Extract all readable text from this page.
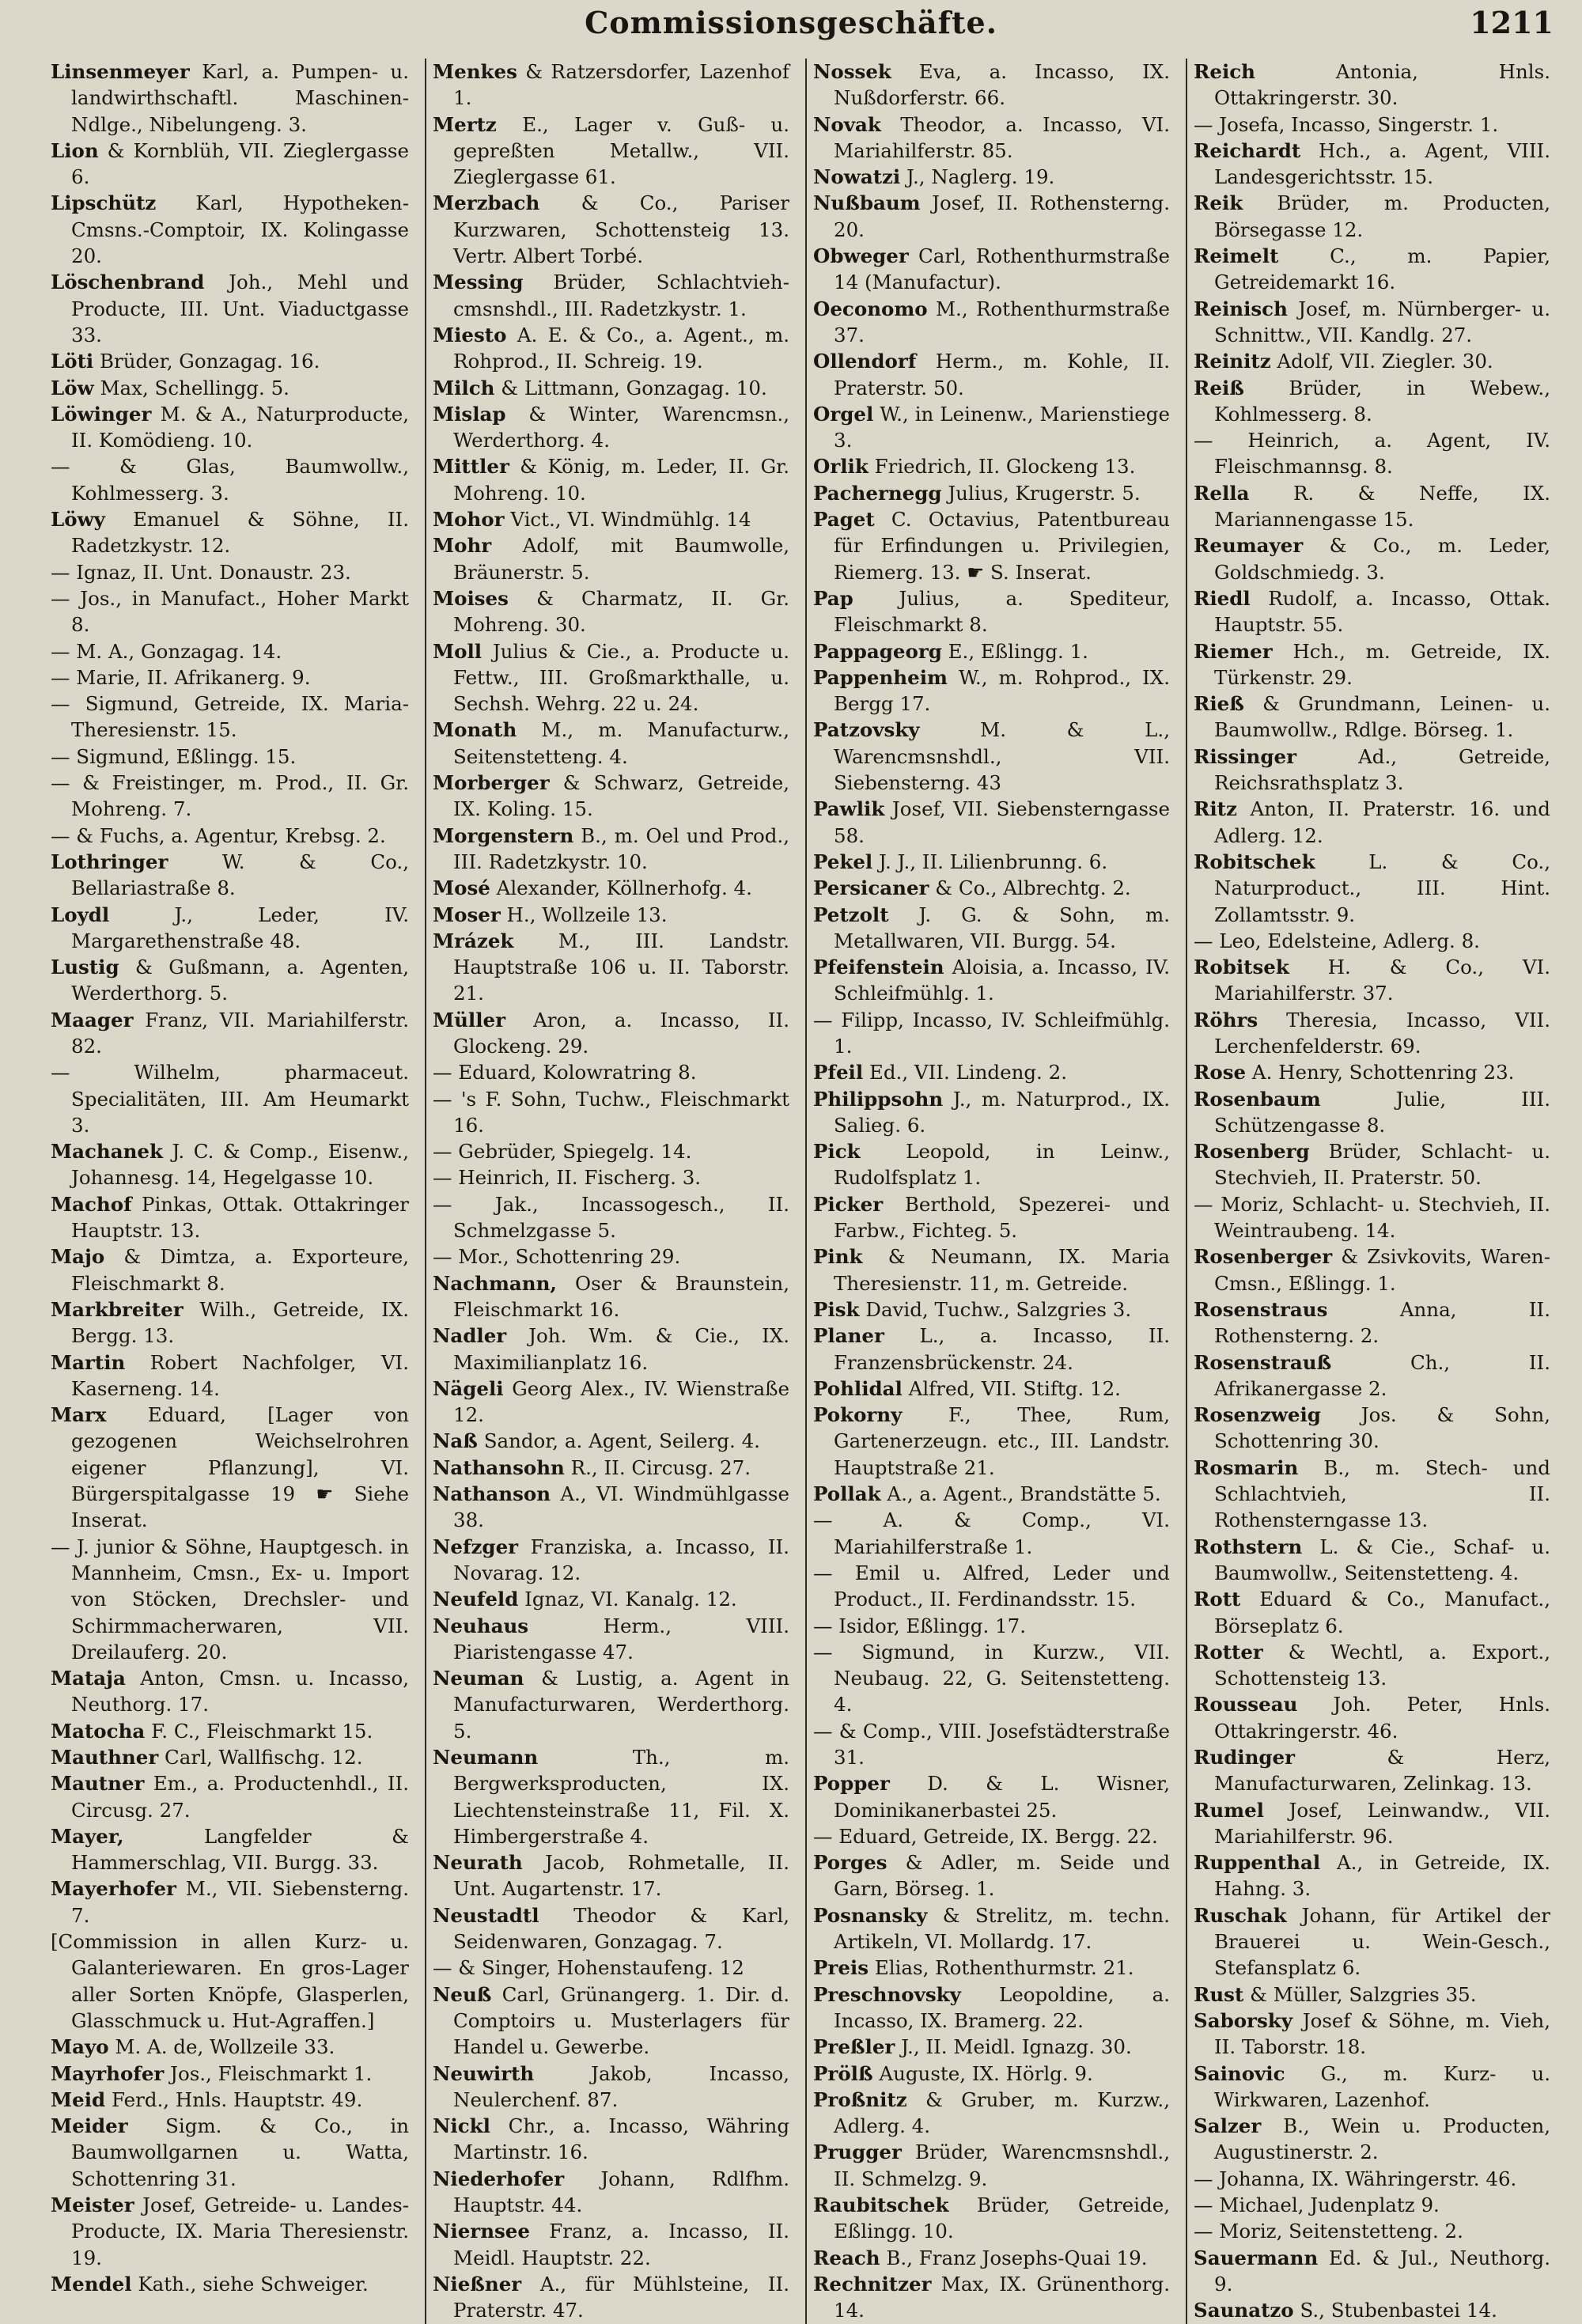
Commissionsgeschäfte.	1211
Linsenmeyer Karl, a. Pumpen- u. landwirthschaftl. Maschinen-Ndlge., Nibelungeng. 3.
Lion & Kornblüh, VII. Zieglergasse 6.
Lipschütz Karl, Hypotheken-Cmsns.-Comptoir, IX. Kolingasse 20.
Löschenbrand Joh., Mehl und Producte, III. Unt. Viaductgasse 33.
Löti Brüder, Gonzagag. 16.
Löw Max, Schellingg. 5.
Löwinger M. & A., Naturproducte, II. Komödieng. 10.
— & Glas, Baumwollw., Kohlmesserg. 3.
Löwy Emanuel & Söhne, II. Radetzkystr. 12.
— Ignaz, II. Unt. Donaustr. 23.
— Jos., in Manufact., Hoher Markt 8.
— M. A., Gonzagag. 14.
— Marie, II. Afrikanerg. 9.
— Sigmund, Getreide, IX. Maria-Theresienstr. 15.
— Sigmund, Eßlingg. 15.
— & Freistinger, m. Prod., II. Gr. Mohreng. 7.
— & Fuchs, a. Agentur, Krebsg. 2.
Lothringer	W. & Co., Bellariastraße 8.
Loydl	J., Leder, IV. Margarethenstraße 48.
Lustig & Gußmann, a. Agenten, Werderthorg. 5.
Maager Franz, VII. Mariahilferstr. 82.
— Wilhelm, pharmaceut. Specialitäten, III. Am Heumarkt 3.
Machanek J. C. & Comp., Eisenw., Johannesg. 14, Hegelgasse 10.
Machof Pinkas, Ottak. Ottakringer Hauptstr. 13.
Majo & Dimtza, a. Exporteure, Fleischmarkt 8.
Markbreiter Wilh., Getreide, IX. Bergg. 13.
Martin Robert Nachfolger, VI. Kaserneng. 14.
Marx Eduard, [Lager von gezogenen Weichselrohren eigener Pflanzung], VI. Bürgerspitalgasse 19 ☛ Siehe Inserat.
— J. junior & Söhne, Hauptgesch. in Mannheim, Cmsn., Ex- u. Import von Stöcken, Drechsler- und Schirmmacherwaren, VII. Dreilauferg. 20.
Mataja Anton, Cmsn. u. Incasso, Neuthorg. 17.
Matocha F. C., Fleischmarkt 15.
Mauthner Carl, Wallfischg. 12.
Mautner Em., a. Productenhdl., II. Circusg. 27.
Mayer,	Langfelder & Hammerschlag, VII. Burgg. 33.
Mayerhofer M., VII. Siebensterng. 7.
[Commission in allen Kurz- u. Galanteriewaren. En gros-Lager aller Sorten Knöpfe, Glasperlen, Glasschmuck u. Hut-Agraffen.]
Mayo M. A. de, Wollzeile 33.
Mayrhofer Jos., Fleischmarkt 1.
Meid Ferd., Hnls. Hauptstr. 49.
Meider Sigm. & Co., in Baumwollgarnen u. Watta, Schottenring 31.
Meister Josef, Getreide- u. Landes-Producte, IX. Maria Theresienstr. 19.
Mendel Kath., siehe Schweiger.
Menkes & Ratzersdorfer, Lazenhof 1.
Mertz E., Lager v. Guß- u. gepreßten Metallw., VII. Zieglergasse 61.
Merzbach & Co., Pariser Kurzwaren, Schottensteig 13. Vertr. Albert Torbé.
Messing Brüder, Schlachtvieh-cmsnshdl., III. Radetzkystr. 1.
Miesto A. E. & Co., a. Agent., m. Rohprod., II. Schreig. 19.
Milch & Littmann, Gonzagag. 10.
Mislap & Winter, Warencmsn., Werderthorg. 4.
Mittler & König, m. Leder, II. Gr. Mohreng. 10.
Mohor Vict., VI. Windmühlg. 14
Mohr Adolf, mit Baumwolle, Bräunerstr. 5.
Moises & Charmatz, II. Gr. Mohreng. 30.
Moll Julius & Cie., a. Producte u. Fettw., III. Großmarkthalle, u. Sechsh. Wehrg. 22 u. 24.
Monath M., m. Manufacturw., Seitenstetteng. 4.
Morberger & Schwarz, Getreide, IX. Koling. 15.
Morgenstern B., m. Oel und Prod., III. Radetzkystr. 10.
Mosé Alexander, Köllnerhofg. 4.
Moser H., Wollzeile 13.
Mrázek M., III. Landstr. Hauptstraße 106 u. II. Taborstr. 21.
Müller Aron, a. Incasso, II. Glockeng. 29.
— Eduard, Kolowratring 8.
— 's F. Sohn, Tuchw., Fleischmarkt 16.
— Gebrüder, Spiegelg. 14.
— Heinrich, II. Fischerg. 3.
— Jak., Incassogesch., II. Schmelzgasse 5.
— Mor., Schottenring 29.
Nachmann, Oser & Braunstein, Fleischmarkt 16.
Nadler Joh. Wm. & Cie., IX. Maximilianplatz 16.
Nägeli Georg Alex., IV. Wienstraße 12.
Naß Sandor, a. Agent, Seilerg. 4.
Nathansohn R., II. Circusg. 27.
Nathanson A., VI. Windmühlgasse 38.
Nefzger Franziska, a. Incasso, II. Novarag. 12.
Neufeld Ignaz, VI. Kanalg. 12.
Neuhaus	Herm., VIII. Piaristengasse 47.
Neuman & Lustig, a. Agent in Manufacturwaren, Werderthorg. 5.
Neumann	Th., m. Bergwerksproducten, IX. Liechtensteinstraße 11, Fil. X. Himbergerstraße 4.
Neurath Jacob, Rohmetalle, II. Unt. Augartenstr. 17.
Neustadtl Theodor & Karl, Seidenwaren, Gonzagag. 7.
— & Singer, Hohenstaufeng. 12
Neuß Carl, Grünangerg. 1. Dir. d. Comptoirs u. Musterlagers für Handel u. Gewerbe.
Neuwirth	Jakob, Incasso, Neulerchenf. 87.
Nickl Chr., a. Incasso, Währing Martinstr. 16.
Niederhofer Johann, Rdlfhm. Hauptstr. 44.
Niernsee Franz, a. Incasso, II. Meidl. Hauptstr. 22.
Nießner A., für Mühlsteine, II. Praterstr. 47.
Nossek Eva, a. Incasso, IX. Nußdorferstr. 66.
Novak Theodor, a. Incasso, VI. Mariahilferstr. 85.
Nowatzi J., Naglerg. 19.
Nußbaum Josef, II. Rothensterng. 20.
Obweger Carl, Rothenthurmstraße 14 (Manufactur).
Oeconomo M., Rothenthurmstraße 37.
Ollendorf Herm., m. Kohle, II. Praterstr. 50.
Orgel W., in Leinenw., Marienstiege 3.
Orlik Friedrich, II. Glockeng 13.
Pachernegg Julius, Krugerstr. 5.
Paget C. Octavius, Patentbureau für Erfindungen u. Privilegien, Riemerg. 13. ☛ S. Inserat.
Pap Julius, a. Spediteur, Fleischmarkt 8.
Pappageorg E., Eßlingg. 1.
Pappenheim W., m. Rohprod., IX. Bergg 17.
Patzovsky	M. & L., Warencmsnshdl., VII. Siebensterng. 43
Pawlik Josef, VII. Siebensterngasse 58.
Pekel J. J., II. Lilienbrunng. 6.
Persicaner & Co., Albrechtg. 2.
Petzolt J. G. & Sohn, m. Metallwaren, VII. Burgg. 54.
Pfeifenstein Aloisia, a. Incasso, IV. Schleifmühlg. 1.
— Filipp, Incasso, IV. Schleifmühlg. 1.
Pfeil Ed., VII. Lindeng. 2.
Philippsohn J., m. Naturprod., IX. Salieg. 6.
Pick Leopold, in Leinw., Rudolfsplatz 1.
Picker Berthold, Spezerei- und Farbw., Fichteg. 5.
Pink & Neumann, IX. Maria Theresienstr. 11, m. Getreide.
Pisk David, Tuchw., Salzgries 3.
Planer L., a. Incasso, II. Franzensbrückenstr. 24.
Pohlidal Alfred, VII. Stiftg. 12.
Pokorny F., Thee, Rum, Gartenerzeugn. etc., III. Landstr. Hauptstraße 21.
Pollak A., a. Agent., Brandstätte 5.
— A. & Comp., VI. Mariahilferstraße 1.
— Emil u. Alfred, Leder und Product., II. Ferdinandsstr. 15.
— Isidor, Eßlingg. 17.
— Sigmund, in Kurzw., VII. Neubaug. 22, G. Seitenstetteng. 4.
— & Comp., VIII. Josefstädterstraße 31.
Popper D. & L. Wisner, Dominikanerbastei 25.
— Eduard, Getreide, IX. Bergg. 22.
Porges & Adler, m. Seide und Garn, Börseg. 1.
Posnansky & Strelitz, m. techn. Artikeln, VI. Mollardg. 17.
Preis Elias, Rothenthurmstr. 21.
Preschnovsky Leopoldine, a. Incasso, IX. Bramerg. 22.
Preßler J., II. Meidl. Ignazg. 30.
Prölß Auguste, IX. Hörlg. 9.
Proßnitz & Gruber, m. Kurzw., Adlerg. 4.
Prugger Brüder, Warencmsnshdl., II. Schmelzg. 9.
Raubitschek Brüder, Getreide, Eßlingg. 10.
Reach B., Franz Josephs-Quai 19.
Rechnitzer Max, IX. Grünenthorg. 14.
Reich	Antonia, Hnls. Ottakringerstr. 30.
— Josefa, Incasso, Singerstr. 1.
Reichardt Hch., a. Agent, VIII. Landesgerichtsstr. 15.
Reik Brüder, m. Producten, Börsegasse 12.
Reimelt	C., m. Papier, Getreidemarkt 16.
Reinisch Josef, m. Nürnberger- u. Schnittw., VII. Kandlg. 27.
Reinitz Adolf, VII. Ziegler. 30.
Reiß Brüder, in Webew., Kohlmesserg. 8.
— Heinrich, a. Agent, IV. Fleischmannsg. 8.
Rella R. & Neffe, IX. Mariannengasse 15.
Reumayer & Co., m. Leder, Goldschmiedg. 3.
Riedl Rudolf, a. Incasso, Ottak. Hauptstr. 55.
Riemer Hch., m. Getreide, IX. Türkenstr. 29.
Rieß & Grundmann, Leinen- u. Baumwollw., Rdlge. Börseg. 1.
Rissinger	Ad., Getreide, Reichsrathsplatz 3.
Ritz Anton, II. Praterstr. 16. und Adlerg. 12.
Robitschek	L. & Co., Naturproduct., III. Hint. Zollamtsstr. 9.
— Leo, Edelsteine, Adlerg. 8.
Robitsek H. & Co., VI. Mariahilferstr. 37.
Röhrs Theresia, Incasso, VII. Lerchenfelderstr. 69.
Rose A. Henry, Schottenring 23.
Rosenbaum	Julie, III. Schützengasse 8.
Rosenberg Brüder, Schlacht- u. Stechvieh, II. Praterstr. 50.
— Moriz, Schlacht- u. Stechvieh, II. Weintraubeng. 14.
Rosenberger & Zsivkovits, Waren-Cmsn., Eßlingg. 1.
Rosenstraus	Anna, II. Rothensterng. 2.
Rosenstrauß	Ch., II. Afrikanergasse 2.
Rosenzweig Jos. & Sohn, Schottenring 30.
Rosmarin B., m. Stech- und Schlachtvieh, II. Rothensterngasse 13.
Rothstern L. & Cie., Schaf- u. Baumwollw., Seitenstetteng. 4.
Rott Eduard & Co., Manufact., Börseplatz 6.
Rotter & Wechtl, a. Export., Schottensteig 13.
Rousseau Joh. Peter, Hnls. Ottakringerstr. 46.
Rudinger	& Herz, Manufacturwaren, Zelinkag. 13.
Rumel Josef, Leinwandw., VII. Mariahilferstr. 96.
Ruppenthal A., in Getreide, IX. Hahng. 3.
Ruschak Johann, für Artikel der Brauerei u. Wein-Gesch., Stefansplatz 6.
Rust & Müller, Salzgries 35.
Saborsky Josef & Söhne, m. Vieh, II. Taborstr. 18.
Sainovic G., m. Kurz- u. Wirkwaren, Lazenhof.
Salzer B., Wein u. Producten, Augustinerstr. 2.
— Johanna, IX. Währingerstr. 46.
— Michael, Judenplatz 9.
— Moriz, Seitenstetteng. 2.
Sauermann Ed. & Jul., Neuthorg. 9.
Saunatzo S., Stubenbastei 14.
